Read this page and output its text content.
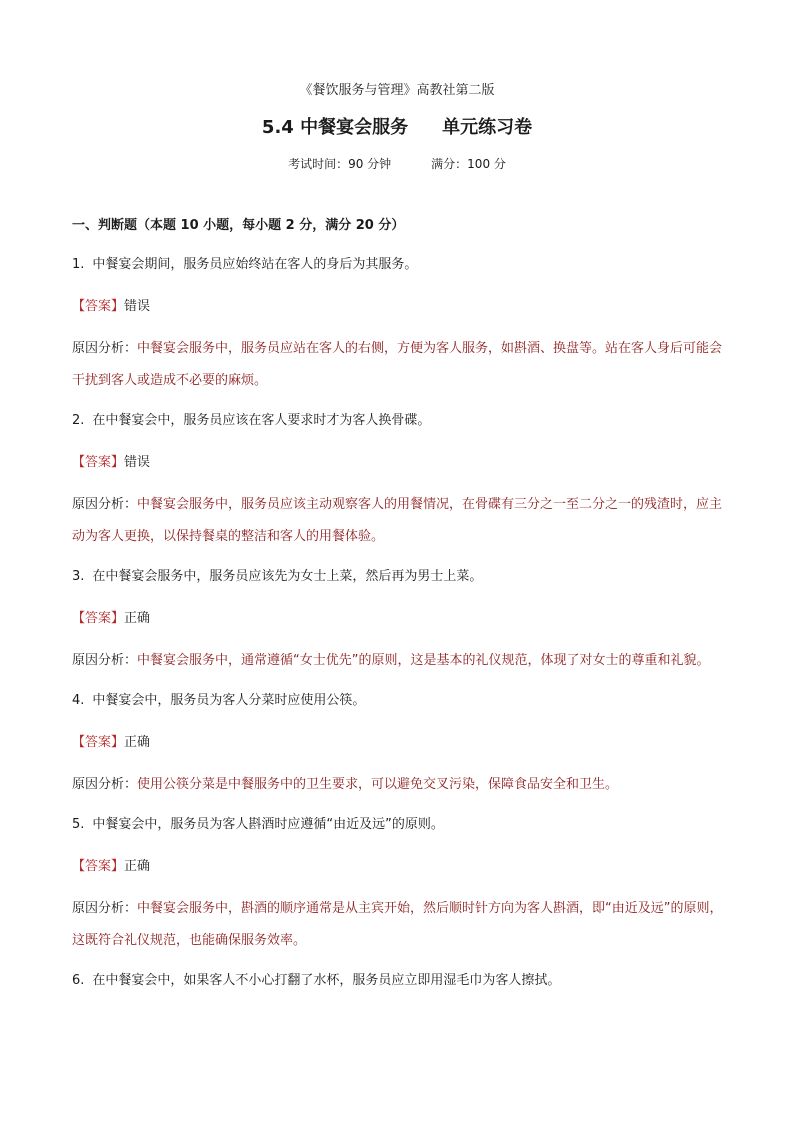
《餐饮服务与管理》高教社第二版
5.4 中餐宴会服务 单元练习卷
考试时间：90 分钟	满分：100 分
一、判断题（本题 10 小题，每小题 2 分，满分 20 分）
1. 中餐宴会期间，服务员应始终站在客人的身后为其服务。
【答案】错误
原因分析：中餐宴会服务中，服务员应站在客人的右侧，方便为客人服务，如斟酒、换盘等。站在客人身后可能会干扰到客人或造成不必要的麻烦。
2. 在中餐宴会中，服务员应该在客人要求时才为客人换骨碟。
【答案】错误
原因分析：中餐宴会服务中，服务员应该主动观察客人的用餐情况，在骨碟有三分之一至二分之一的残渣时，应主动为客人更换，以保持餐桌的整洁和客人的用餐体验。
3. 在中餐宴会服务中，服务员应该先为女士上菜，然后再为男士上菜。
【答案】正确
原因分析：中餐宴会服务中，通常遵循“女士优先”的原则，这是基本的礼仪规范，体现了对女士的尊重和礼貌。
4. 中餐宴会中，服务员为客人分菜时应使用公筷。
【答案】正确
原因分析：使用公筷分菜是中餐服务中的卫生要求，可以避免交叉污染，保障食品安全和卫生。
5. 中餐宴会中，服务员为客人斟酒时应遵循“由近及远”的原则。
【答案】正确
原因分析：中餐宴会服务中，斟酒的顺序通常是从主宾开始，然后顺时针方向为客人斟酒，即“由近及远”的原则，这既符合礼仪规范，也能确保服务效率。
6. 在中餐宴会中，如果客人不小心打翻了水杯，服务员应立即用湿毛巾为客人擦拭。
